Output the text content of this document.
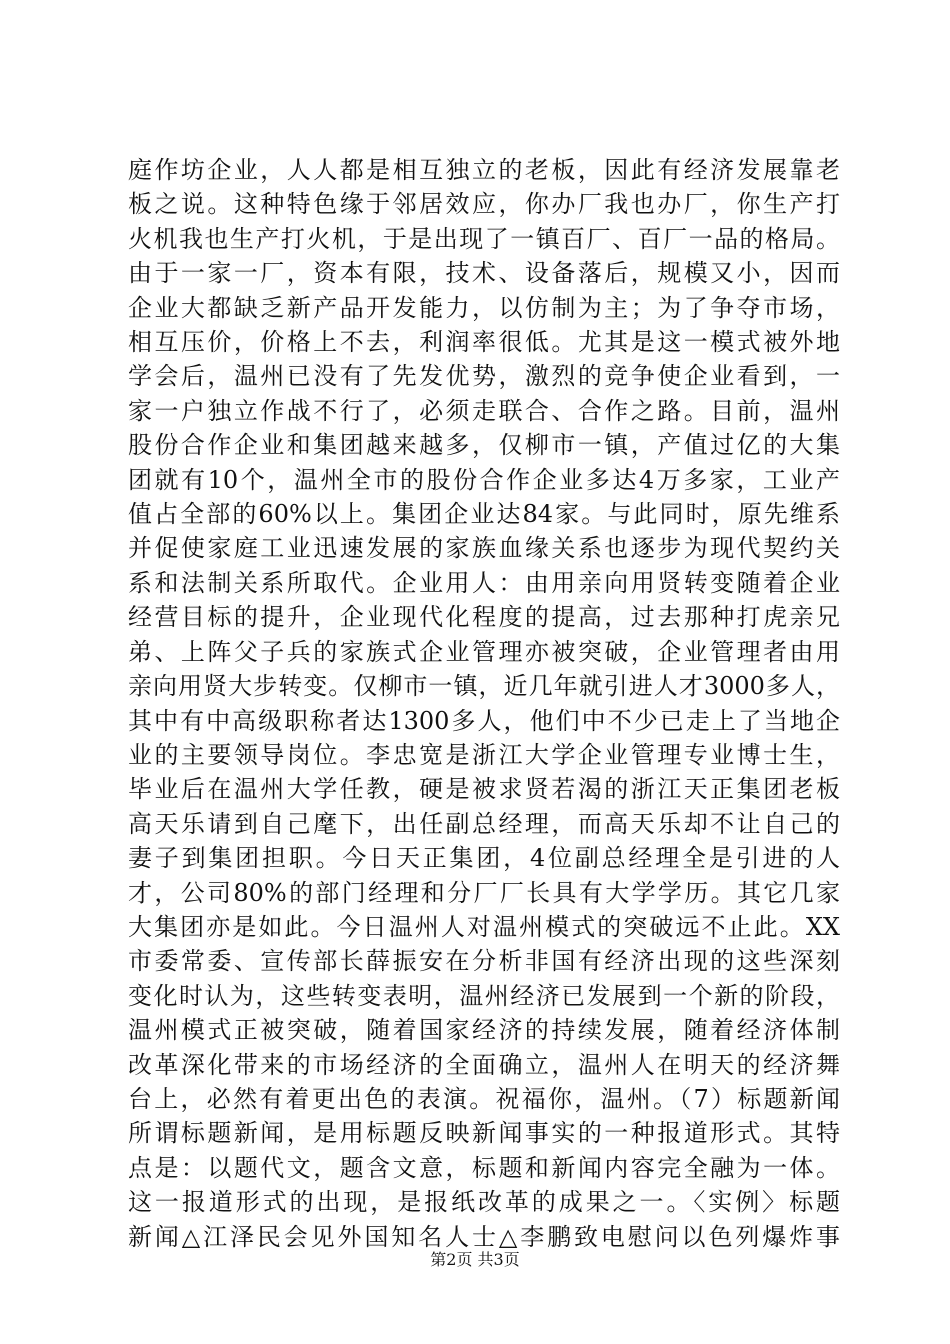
庭作坊企业，人人都是相互独立的老板，因此有经济发展靠老
板之说。这种特色缘于邻居效应，你办厂我也办厂，你生产打
火机我也生产打火机，于是出现了一镇百厂、百厂一品的格局。
由于一家一厂，资本有限，技术、设备落后，规模又小，因而
企业大都缺乏新产品开发能力，以仿制为主；为了争夺市场，
相互压价，价格上不去，利润率很低。尤其是这一模式被外地
学会后，温州已没有了先发优势，激烈的竞争使企业看到，一
家一户独立作战不行了，必须走联合、合作之路。目前，温州
股份合作企业和集团越来越多，仅柳市一镇，产值过亿的大集
团就有10个，温州全市的股份合作企业多达4万多家，工业产
值占全部的60%以上。集团企业达84家。与此同时，原先维系
并促使家庭工业迅速发展的家族血缘关系也逐步为现代契约关
系和法制关系所取代。企业用人：由用亲向用贤转变随着企业
经营目标的提升，企业现代化程度的提高，过去那种打虎亲兄
弟、上阵父子兵的家族式企业管理亦被突破，企业管理者由用
亲向用贤大步转变。仅柳市一镇，近几年就引进人才3000多人，
其中有中高级职称者达1300多人，他们中不少已走上了当地企
业的主要领导岗位。李忠宽是浙江大学企业管理专业博士生，
毕业后在温州大学任教，硬是被求贤若渴的浙江天正集团老板
高天乐请到自己麾下，出任副总经理，而高天乐却不让自己的
妻子到集团担职。今日天正集团，4位副总经理全是引进的人
才，公司80%的部门经理和分厂厂长具有大学学历。其它几家
大集团亦是如此。今日温州人对温州模式的突破远不止此。XX
市委常委、宣传部长薛振安在分析非国有经济出现的这些深刻
变化时认为，这些转变表明，温州经济已发展到一个新的阶段，
温州模式正被突破，随着国家经济的持续发展，随着经济体制
改革深化带来的市场经济的全面确立，温州人在明天的经济舞
台上，必然有着更出色的表演。祝福你，温州。（7）标题新闻
所谓标题新闻，是用标题反映新闻事实的一种报道形式。其特
点是：以题代文，题含文意，标题和新闻内容完全融为一体。
这一报道形式的出现，是报纸改革的成果之一。〈实例〉标题
新闻△江泽民会见外国知名人士△李鹏致电慰问以色列爆炸事
第2页 共3页
